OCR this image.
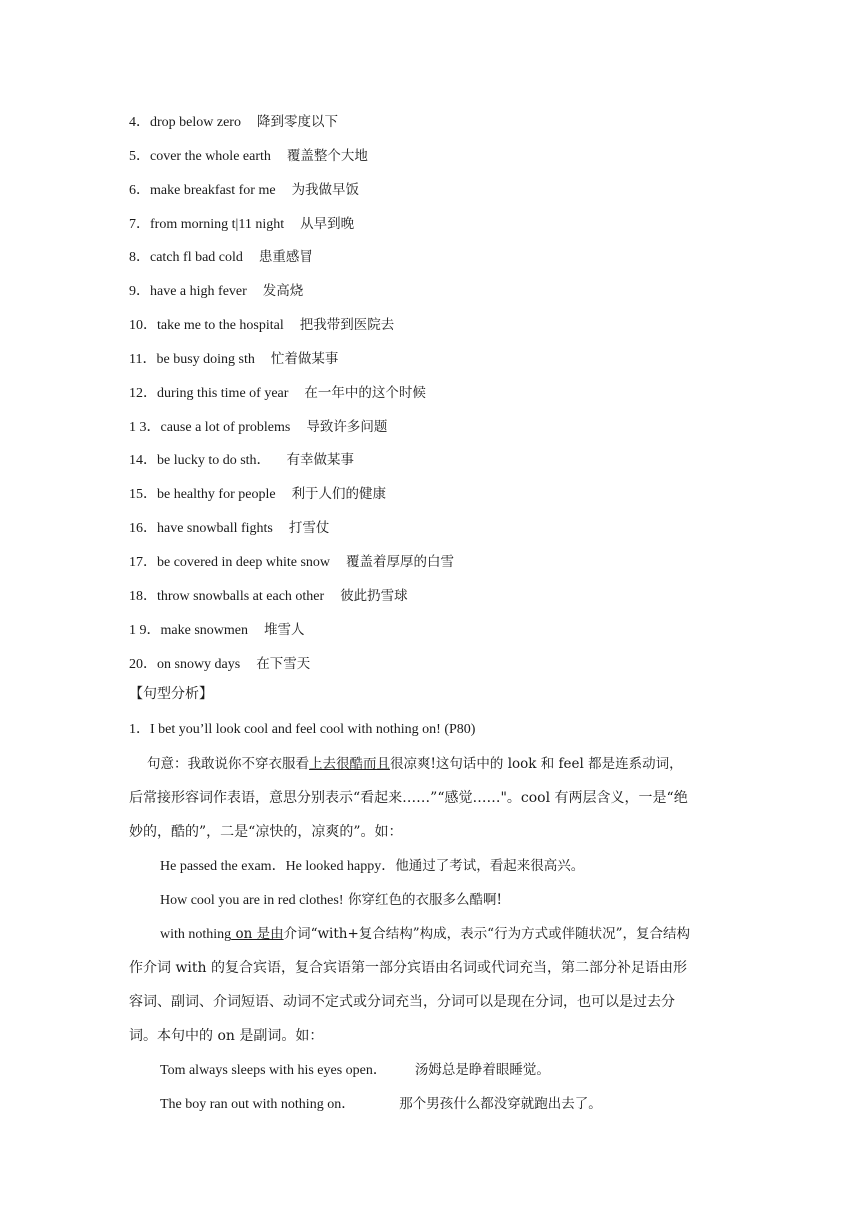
4．drop below zero 降到零度以下
5．cover the whole earth 覆盖整个大地
6．make breakfast for me 为我做早饭
7．from morning t|11 night 从早到晚
8．catch fl bad cold 患重感冒
9．have a high fever 发高烧
10．take me to the hospital 把我带到医院去
11．be busy doing sth 忙着做某事
12．during this time of year 在一年中的这个时候
1 3．cause a lot of problems 导致许多问题
14．be lucky to do sth． 有幸做某事
15．be healthy for people 利于人们的健康
16．have snowball fights 打雪仗
17．be covered in deep white snow 覆盖着厚厚的白雪
18．throw snowballs at each other 彼此扔雪球
1 9．make snowmen 堆雪人
20．on snowy days 在下雪天
【句型分析】
1．I bet you’ll look cool and feel cool with nothing on! (P80)
句意：我敢说你不穿衣服看上去很酷而且很凉爽!这句话中的 look 和 feel 都是连系动词，
后常接形容词作表语，意思分别表示“看起来……”“感觉……"。cool 有两层含义，一是“绝
妙的，酷的”，二是“凉快的，凉爽的”。如：
He passed the exam．He looked happy．他通过了考试，看起来很高兴。
How cool you are in red clothes! 你穿红色的衣服多么酷啊!
with nothing on 是由介词“with+复合结构”构成，表示“行为方式或伴随状况”，复合结构
作介词 with 的复合宾语，复合宾语第一部分宾语由名词或代词充当，第二部分补足语由形
容词、副词、介词短语、动词不定式或分词充当，分词可以是现在分词，也可以是过去分
词。本句中的 on 是副词。如：
Tom always sleeps with his eyes open． 汤姆总是睁着眼睡觉。
The boy ran out with nothing on．	那个男孩什么都没穿就跑出去了。
